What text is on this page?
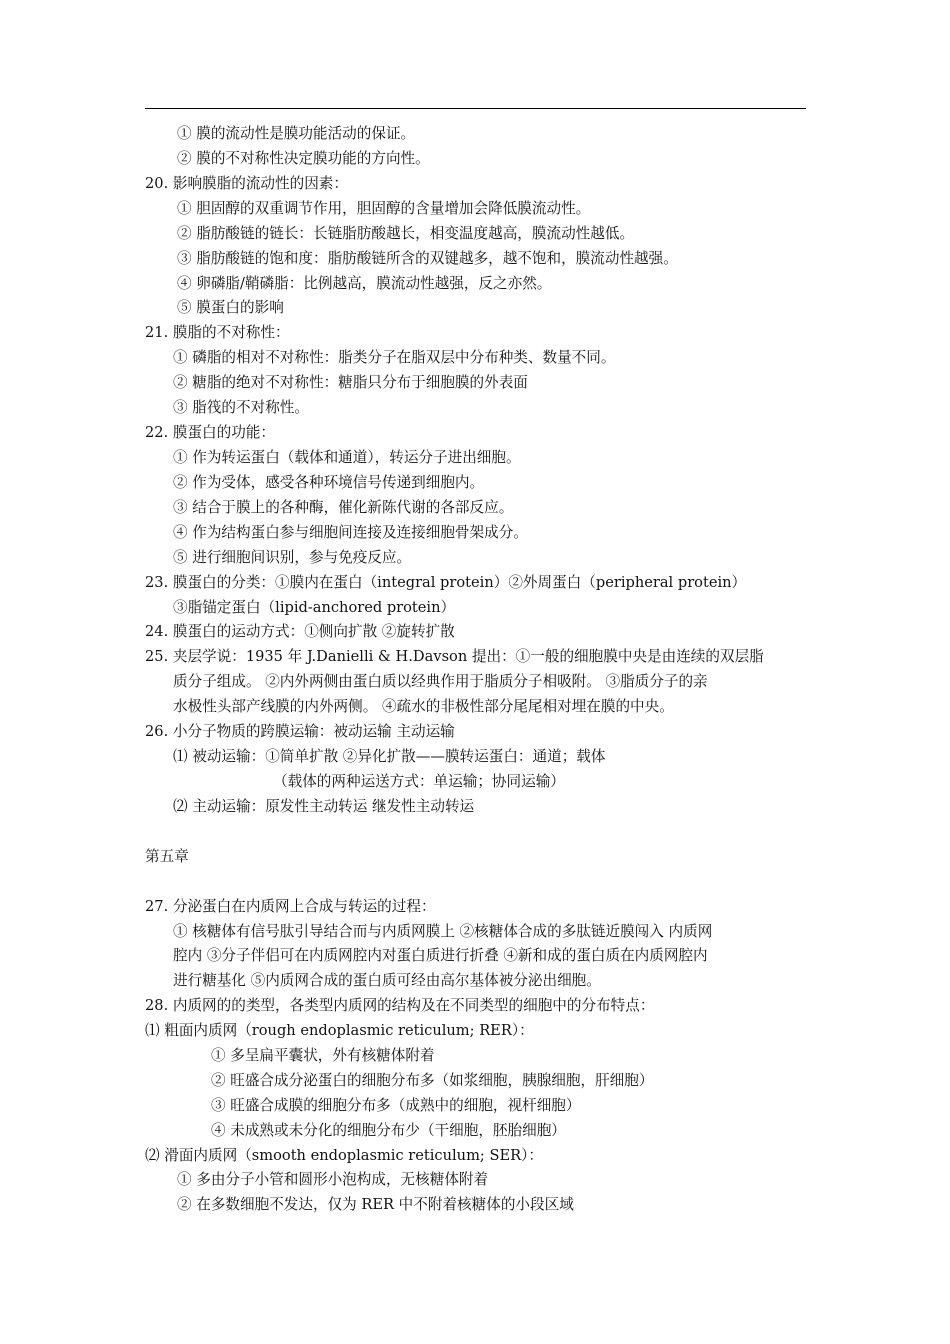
① 膜的流动性是膜功能活动的保证。
② 膜的不对称性决定膜功能的方向性。
20. 影响膜脂的流动性的因素：
① 胆固醇的双重调节作用，胆固醇的含量增加会降低膜流动性。
② 脂肪酸链的链长：长链脂肪酸越长，相变温度越高，膜流动性越低。
③ 脂肪酸链的饱和度：脂肪酸链所含的双键越多，越不饱和，膜流动性越强。
④ 卵磷脂/鞘磷脂：比例越高，膜流动性越强，反之亦然。
⑤ 膜蛋白的影响
21. 膜脂的不对称性：
① 磷脂的相对不对称性：脂类分子在脂双层中分布种类、数量不同。
② 糖脂的绝对不对称性：糖脂只分布于细胞膜的外表面
③ 脂筏的不对称性。
22. 膜蛋白的功能：
① 作为转运蛋白（载体和通道），转运分子进出细胞。
② 作为受体，感受各种环境信号传递到细胞内。
③ 结合于膜上的各种酶，催化新陈代谢的各部反应。
④ 作为结构蛋白参与细胞间连接及连接细胞骨架成分。
⑤ 进行细胞间识别，参与免疫反应。
23. 膜蛋白的分类：①膜内在蛋白（integral protein）②外周蛋白（peripheral protein）
③脂锚定蛋白（lipid-anchored protein）
24. 膜蛋白的运动方式：①侧向扩散 ②旋转扩散
25. 夹层学说：1935 年 J.Danielli & H.Davson 提出：①一般的细胞膜中央是由连续的双层脂
质分子组成。 ②内外两侧由蛋白质以经典作用于脂质分子相吸附。 ③脂质分子的亲
水极性头部产线膜的内外两侧。 ④疏水的非极性部分尾尾相对埋在膜的中央。
26. 小分子物质的跨膜运输：被动运输 主动运输
⑴ 被动运输：①简单扩散 ②异化扩散——膜转运蛋白：通道；载体
（载体的两种运送方式：单运输；协同运输）
⑵ 主动运输：原发性主动转运 继发性主动转运
第五章
27. 分泌蛋白在内质网上合成与转运的过程：
① 核糖体有信号肽引导结合而与内质网膜上 ②核糖体合成的多肽链近膜闯入 内质网
腔内 ③分子伴侣可在内质网腔内对蛋白质进行折叠 ④新和成的蛋白质在内质网腔内
进行糖基化 ⑤内质网合成的蛋白质可经由高尔基体被分泌出细胞。
28. 内质网的的类型，各类型内质网的结构及在不同类型的细胞中的分布特点：
⑴ 粗面内质网（rough endoplasmic reticulum; RER）：
① 多呈扁平囊状，外有核糖体附着
② 旺盛合成分泌蛋白的细胞分布多（如浆细胞，胰腺细胞，肝细胞）
③ 旺盛合成膜的细胞分布多（成熟中的细胞，视杆细胞）
④ 未成熟或未分化的细胞分布少（干细胞，胚胎细胞）
⑵ 滑面内质网（smooth endoplasmic reticulum; SER）：
① 多由分子小管和圆形小泡构成，无核糖体附着
② 在多数细胞不发达，仅为 RER 中不附着核糖体的小段区域
